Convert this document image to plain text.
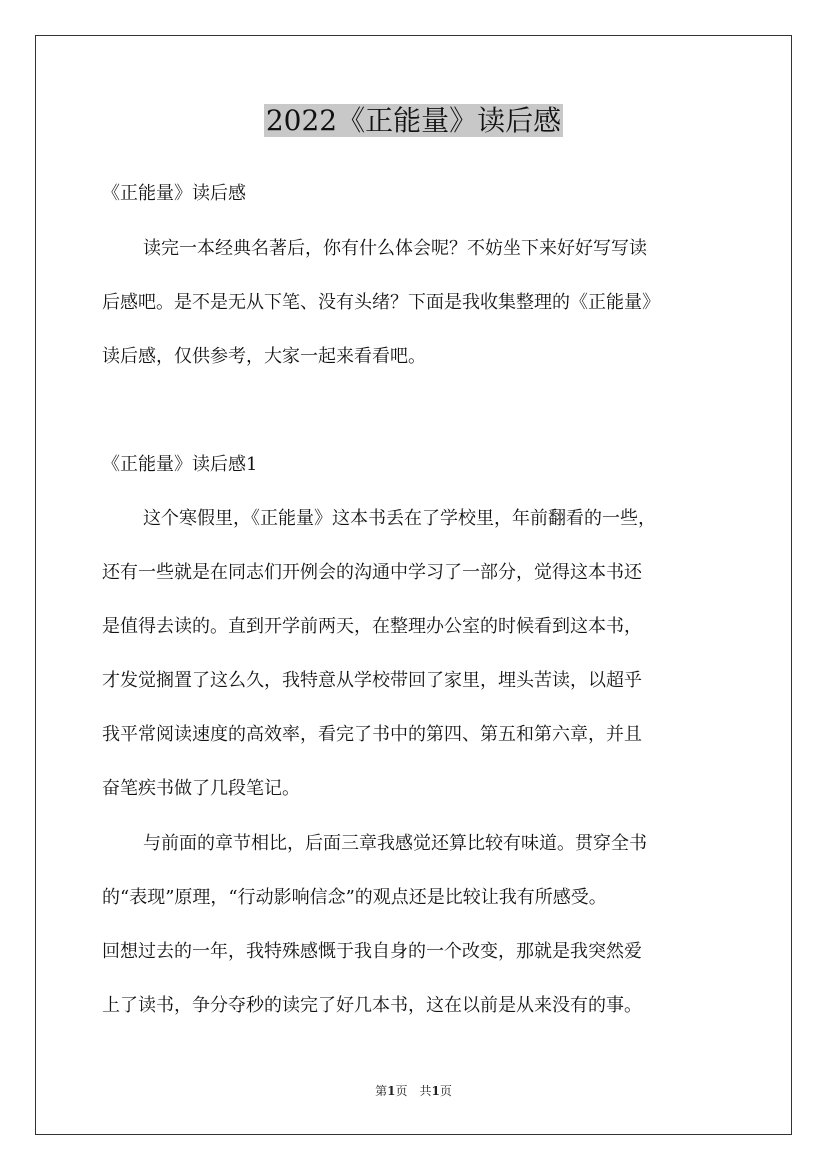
2022《正能量》读后感
《正能量》读后感
读完一本经典名著后，你有什么体会呢？不妨坐下来好好写写读
后感吧。是不是无从下笔、没有头绪？下面是我收集整理的《正能量》
读后感，仅供参考，大家一起来看看吧。
《正能量》读后感1
这个寒假里，《正能量》这本书丢在了学校里，年前翻看的一些，
还有一些就是在同志们开例会的沟通中学习了一部分，觉得这本书还
是值得去读的。直到开学前两天，在整理办公室的时候看到这本书，
才发觉搁置了这么久，我特意从学校带回了家里，埋头苦读，以超乎
我平常阅读速度的高效率，看完了书中的第四、第五和第六章，并且
奋笔疾书做了几段笔记。
与前面的章节相比，后面三章我感觉还算比较有味道。贯穿全书
的“表现”原理，“行动影响信念”的观点还是比较让我有所感受。
回想过去的一年，我特殊感慨于我自身的一个改变，那就是我突然爱
上了读书，争分夺秒的读完了好几本书，这在以前是从来没有的事。
第1页　共1页
